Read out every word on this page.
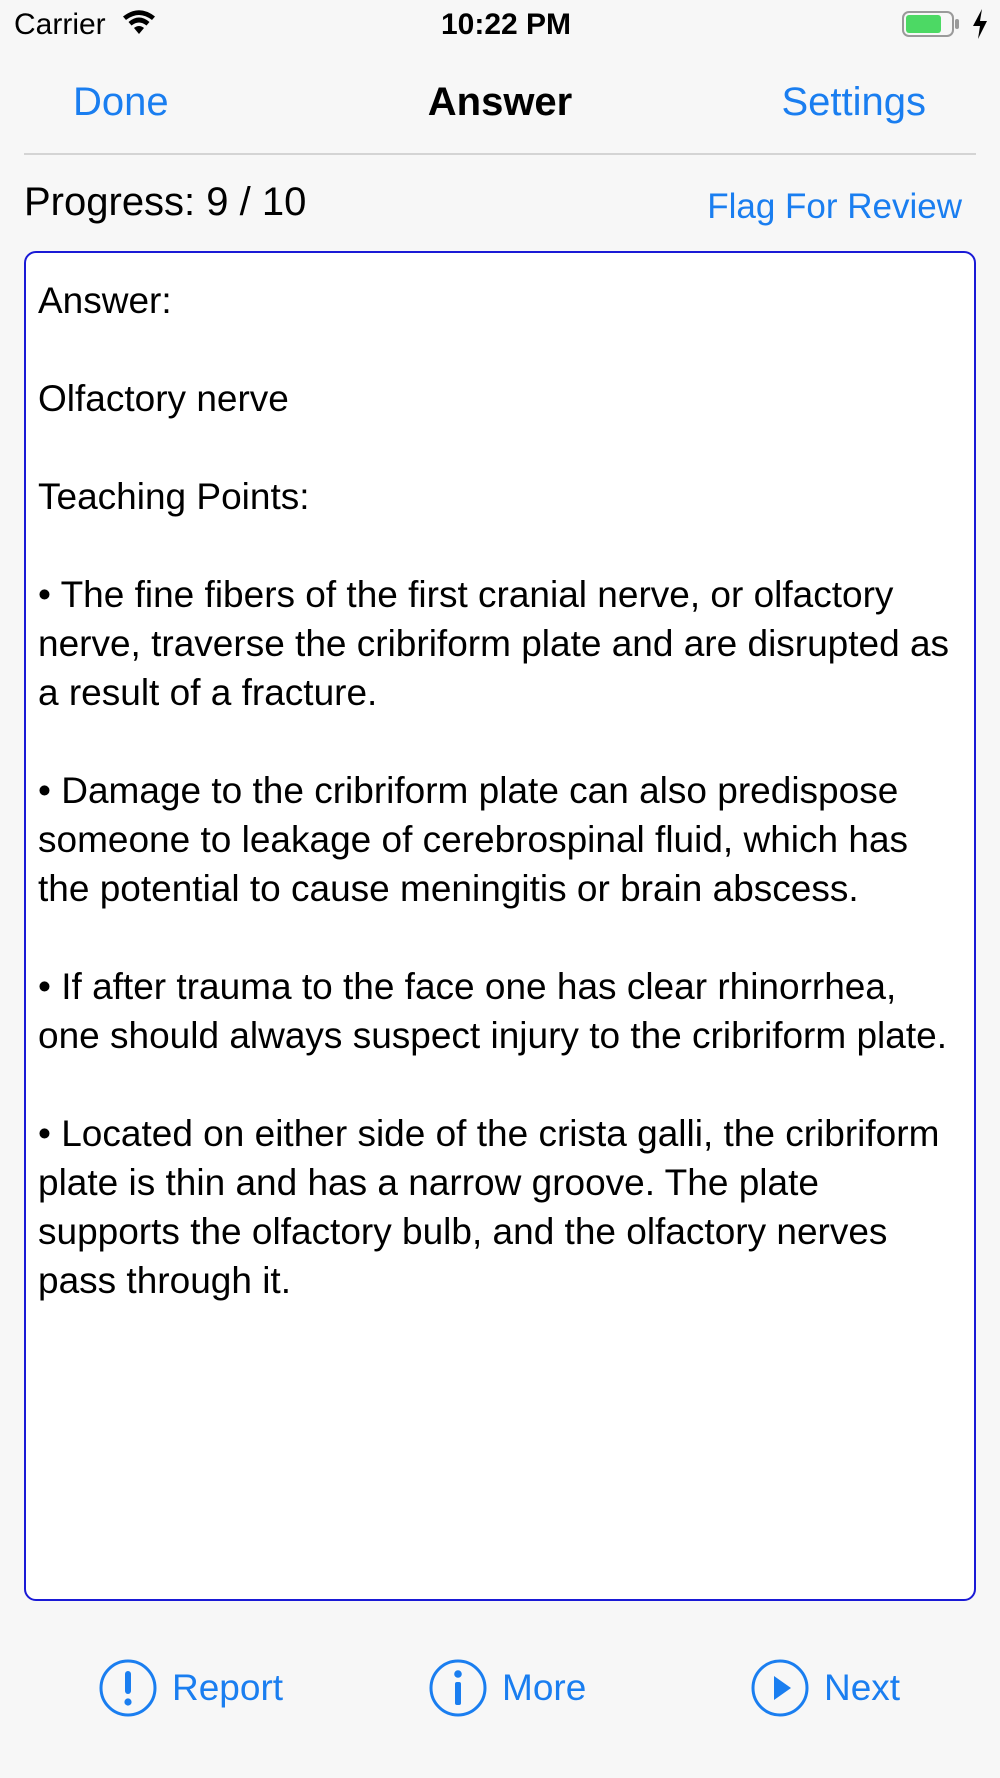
Carrier	10:22 PM
Done	Answer	Settings
Progress: 9 / 10	Flag For Review
Answer:

Olfactory nerve

Teaching Points:

• The fine fibers of the first cranial nerve, or olfactory nerve, traverse the cribriform plate and are disrupted as a result of a fracture.

• Damage to the cribriform plate can also predispose someone to leakage of cerebrospinal fluid, which has the potential to cause meningitis or brain abscess.

• If after trauma to the face one has clear rhinorrhea, one should always suspect injury to the cribriform plate.

• Located on either side of the crista galli, the cribriform plate is thin and has a narrow groove. The plate supports the olfactory bulb, and the olfactory nerves pass through it.
Report	More	Next
